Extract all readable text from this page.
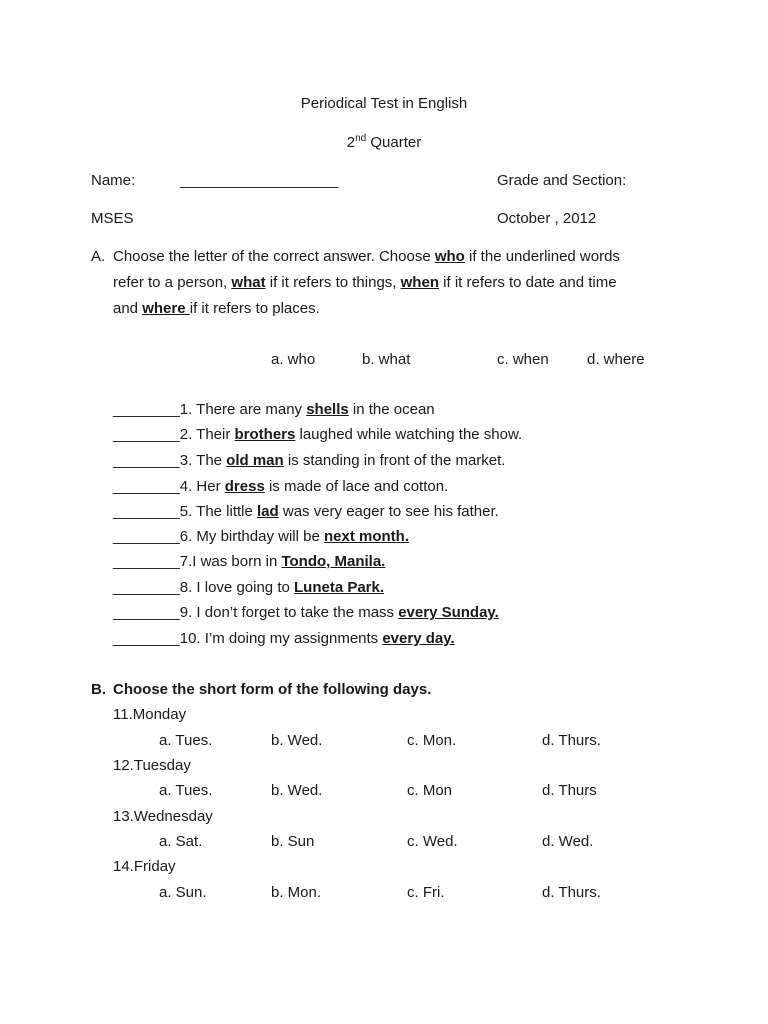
Periodical Test in English
2nd Quarter
Name:	___________________	Grade and Section:
MSES	October , 2012
A. Choose the letter of the correct answer. Choose who if the underlined words
refer to a person, what if it refers to things, when if it refers to date and time
and where if it refers to places.
a. who	b. what	c. when	d. where
________1. There are many shells in the ocean
________2. Their brothers laughed while watching the show.
________3. The old man is standing in front of the market.
________4. Her dress is made of lace and cotton.
________5. The little lad was very eager to see his father.
________6. My birthday will be next month.
________7.I was born in Tondo, Manila.
________8. I love going to Luneta Park.
________9. I don’t forget to take the mass every Sunday.
________10. I’m doing my assignments every day.
B. Choose the short form of the following days.
11.Monday
a. Tues.	b. Wed.	c. Mon.	d. Thurs.
12.Tuesday
a. Tues.	b. Wed.	c. Mon	d. Thurs
13.Wednesday
a. Sat.	b. Sun	c. Wed.	d. Wed.
14.Friday
a. Sun.	b. Mon.	c. Fri.	d. Thurs.
